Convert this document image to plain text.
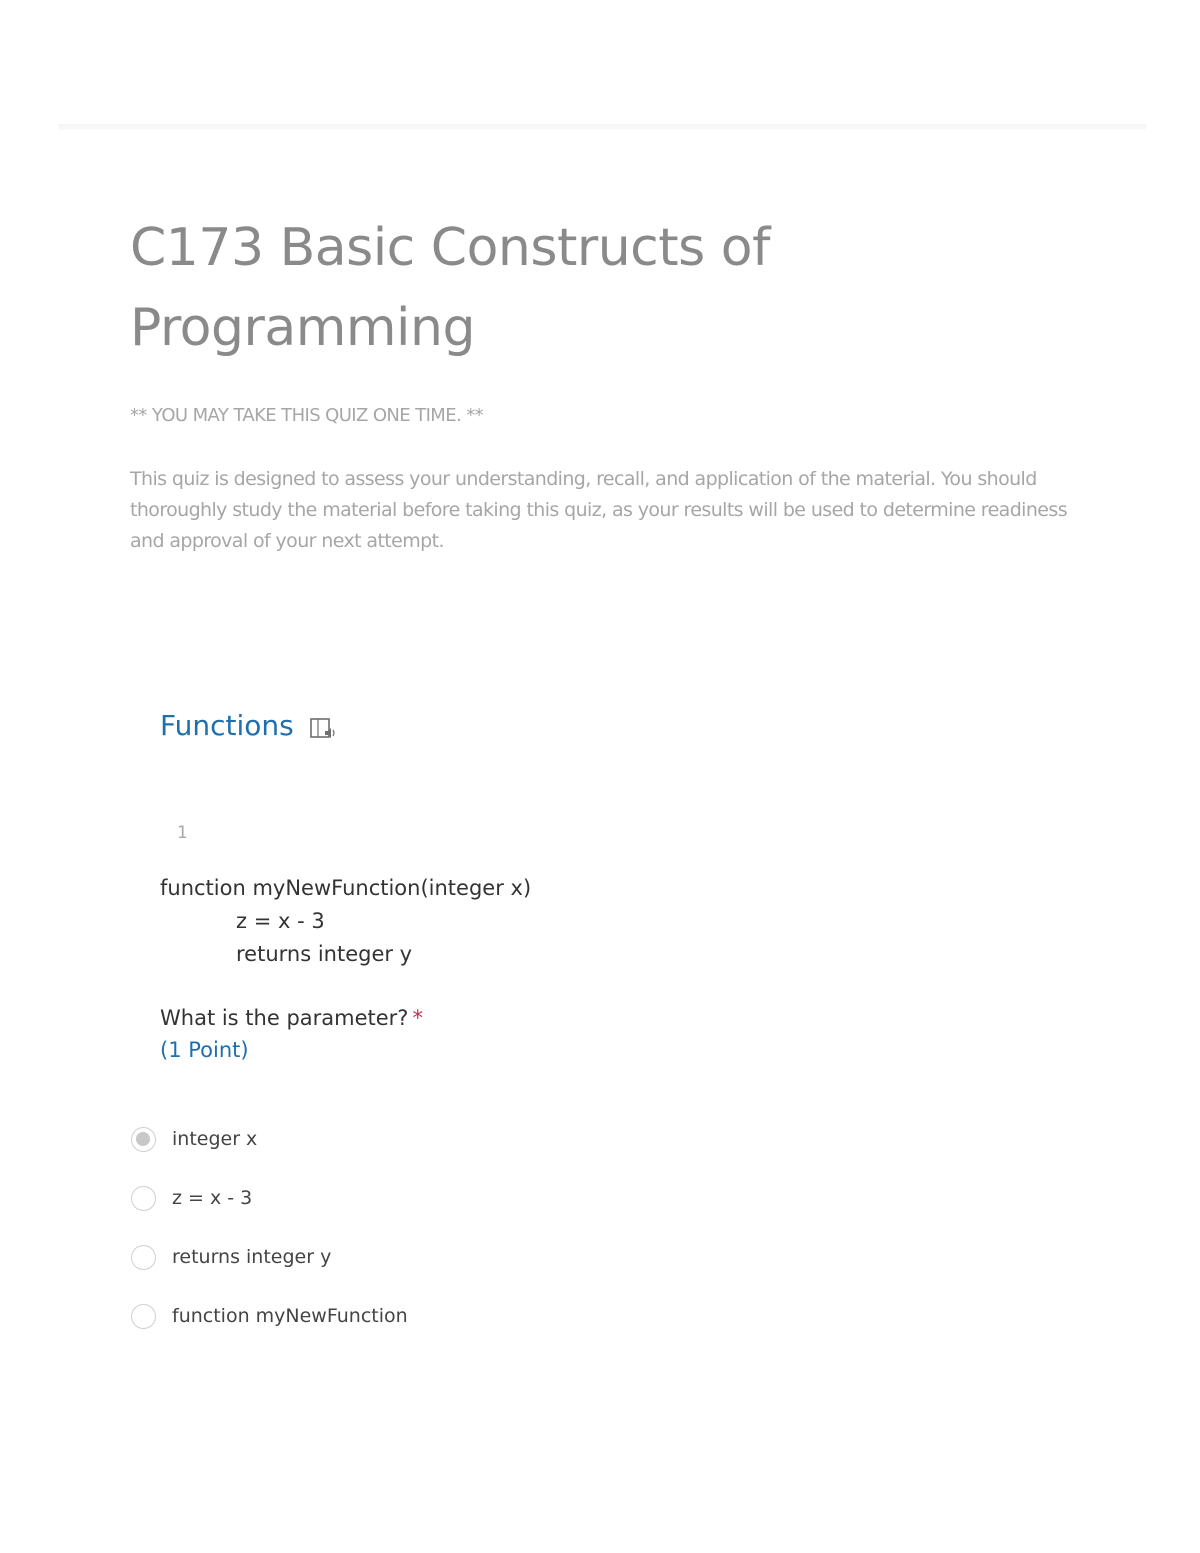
C173 Basic Constructs of Programming

** YOU MAY TAKE THIS QUIZ ONE TIME. **

This quiz is designed to assess your understanding, recall, and application of the material. You should thoroughly study the material before taking this quiz, as your results will be used to determine readiness and approval of your next attempt.

Functions
1
function myNewFunction(integer x)
z = x - 3
returns integer y
What is the parameter? *
(1 Point)
integer x
z = x - 3
returns integer y
function myNewFunction
